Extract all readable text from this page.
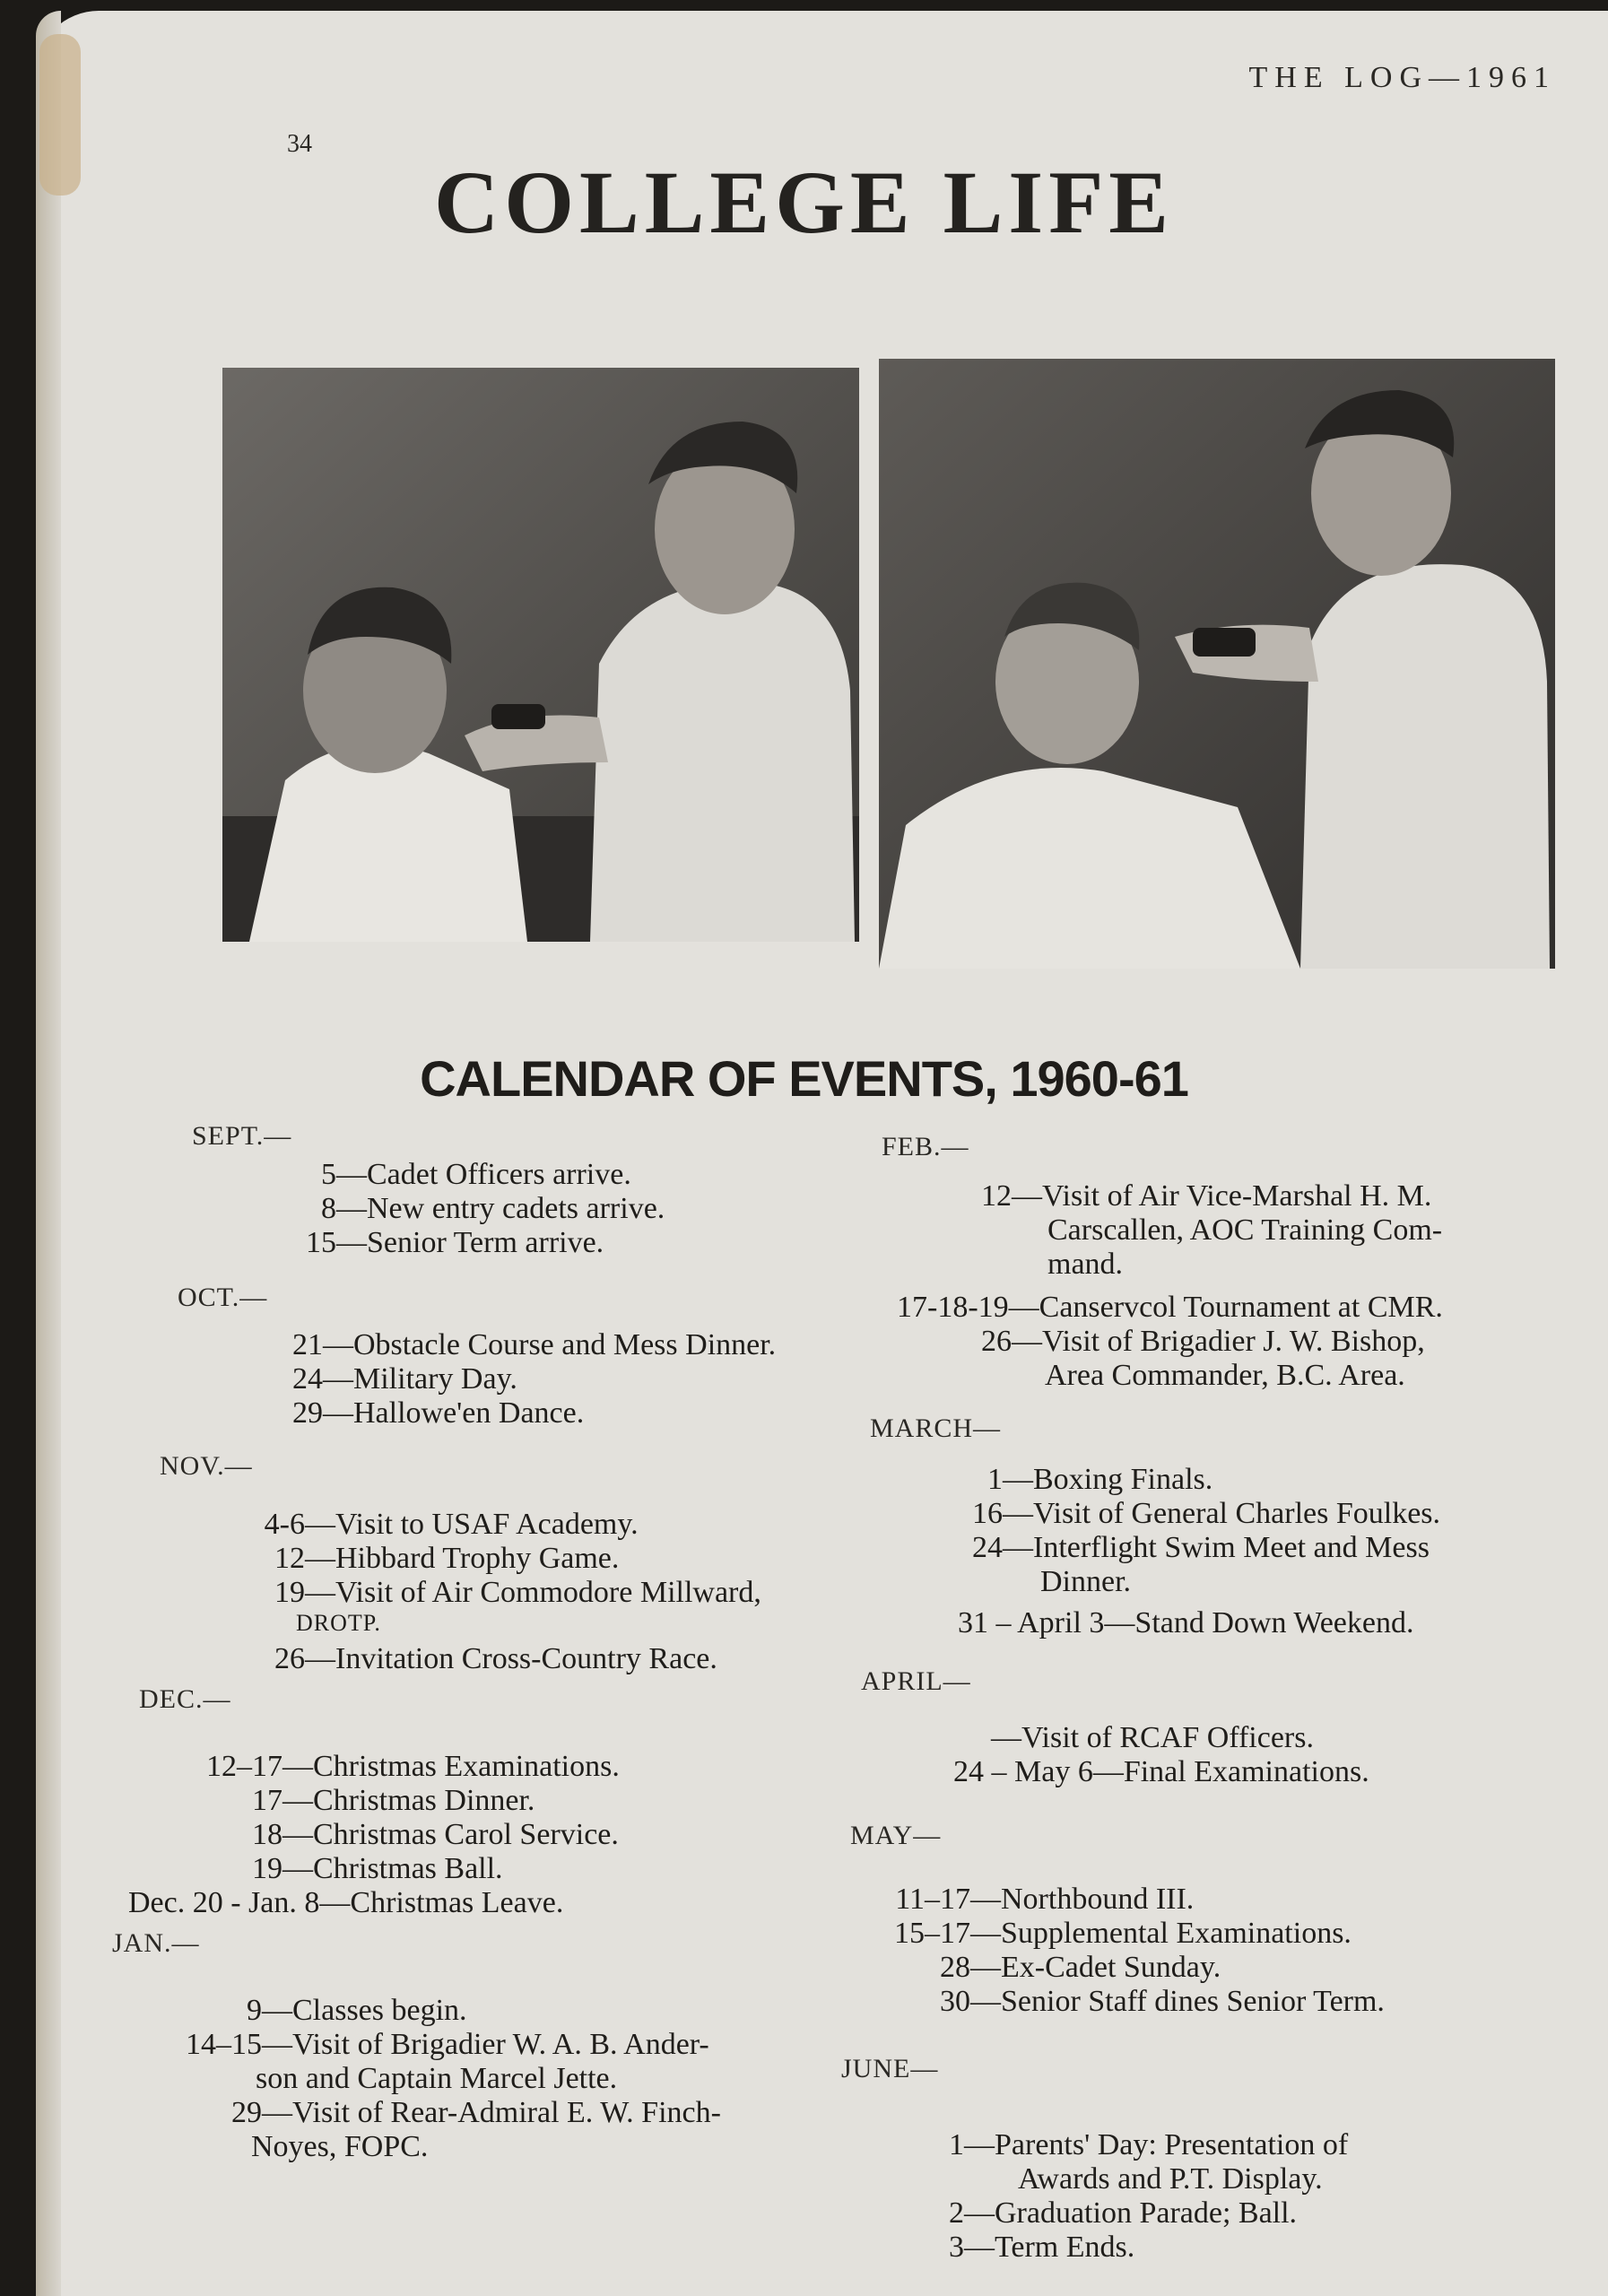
THE LOG—1961
34
COLLEGE LIFE
CALENDAR OF EVENTS, 1960-61
SEPT.—
5—Cadet Officers arrive.
8—New entry cadets arrive.
15—Senior Term arrive.
OCT.—
21—Obstacle Course and Mess Dinner.
24—Military Day.
29—Hallowe'en Dance.
NOV.—
4-6—Visit to USAF Academy.
12—Hibbard Trophy Game.
19—Visit of Air Commodore Millward,
DROTP.
26—Invitation Cross-Country Race.
DEC.—
12–17—Christmas Examinations.
17—Christmas Dinner.
18—Christmas Carol Service.
19—Christmas Ball.
Dec. 20 - Jan. 8—Christmas Leave.
JAN.—
9—Classes begin.
14–15—Visit of Brigadier W. A. B. Ander-
son and Captain Marcel Jette.
29—Visit of Rear-Admiral E. W. Finch-
Noyes, FOPC.
FEB.—
12—Visit of Air Vice-Marshal H. M.
Carscallen, AOC Training Com-
mand.
17-18-19—Canservcol Tournament at CMR.
26—Visit of Brigadier J. W. Bishop,
Area Commander, B.C. Area.
MARCH—
1—Boxing Finals.
16—Visit of General Charles Foulkes.
24—Interflight Swim Meet and Mess
Dinner.
31 – April 3—Stand Down Weekend.
APRIL—
—Visit of RCAF Officers.
24 – May 6—Final Examinations.
MAY—
11–17—Northbound III.
15–17—Supplemental Examinations.
28—Ex-Cadet Sunday.
30—Senior Staff dines Senior Term.
JUNE—
1—Parents' Day: Presentation of
Awards and P.T. Display.
2—Graduation Parade; Ball.
3—Term Ends.
